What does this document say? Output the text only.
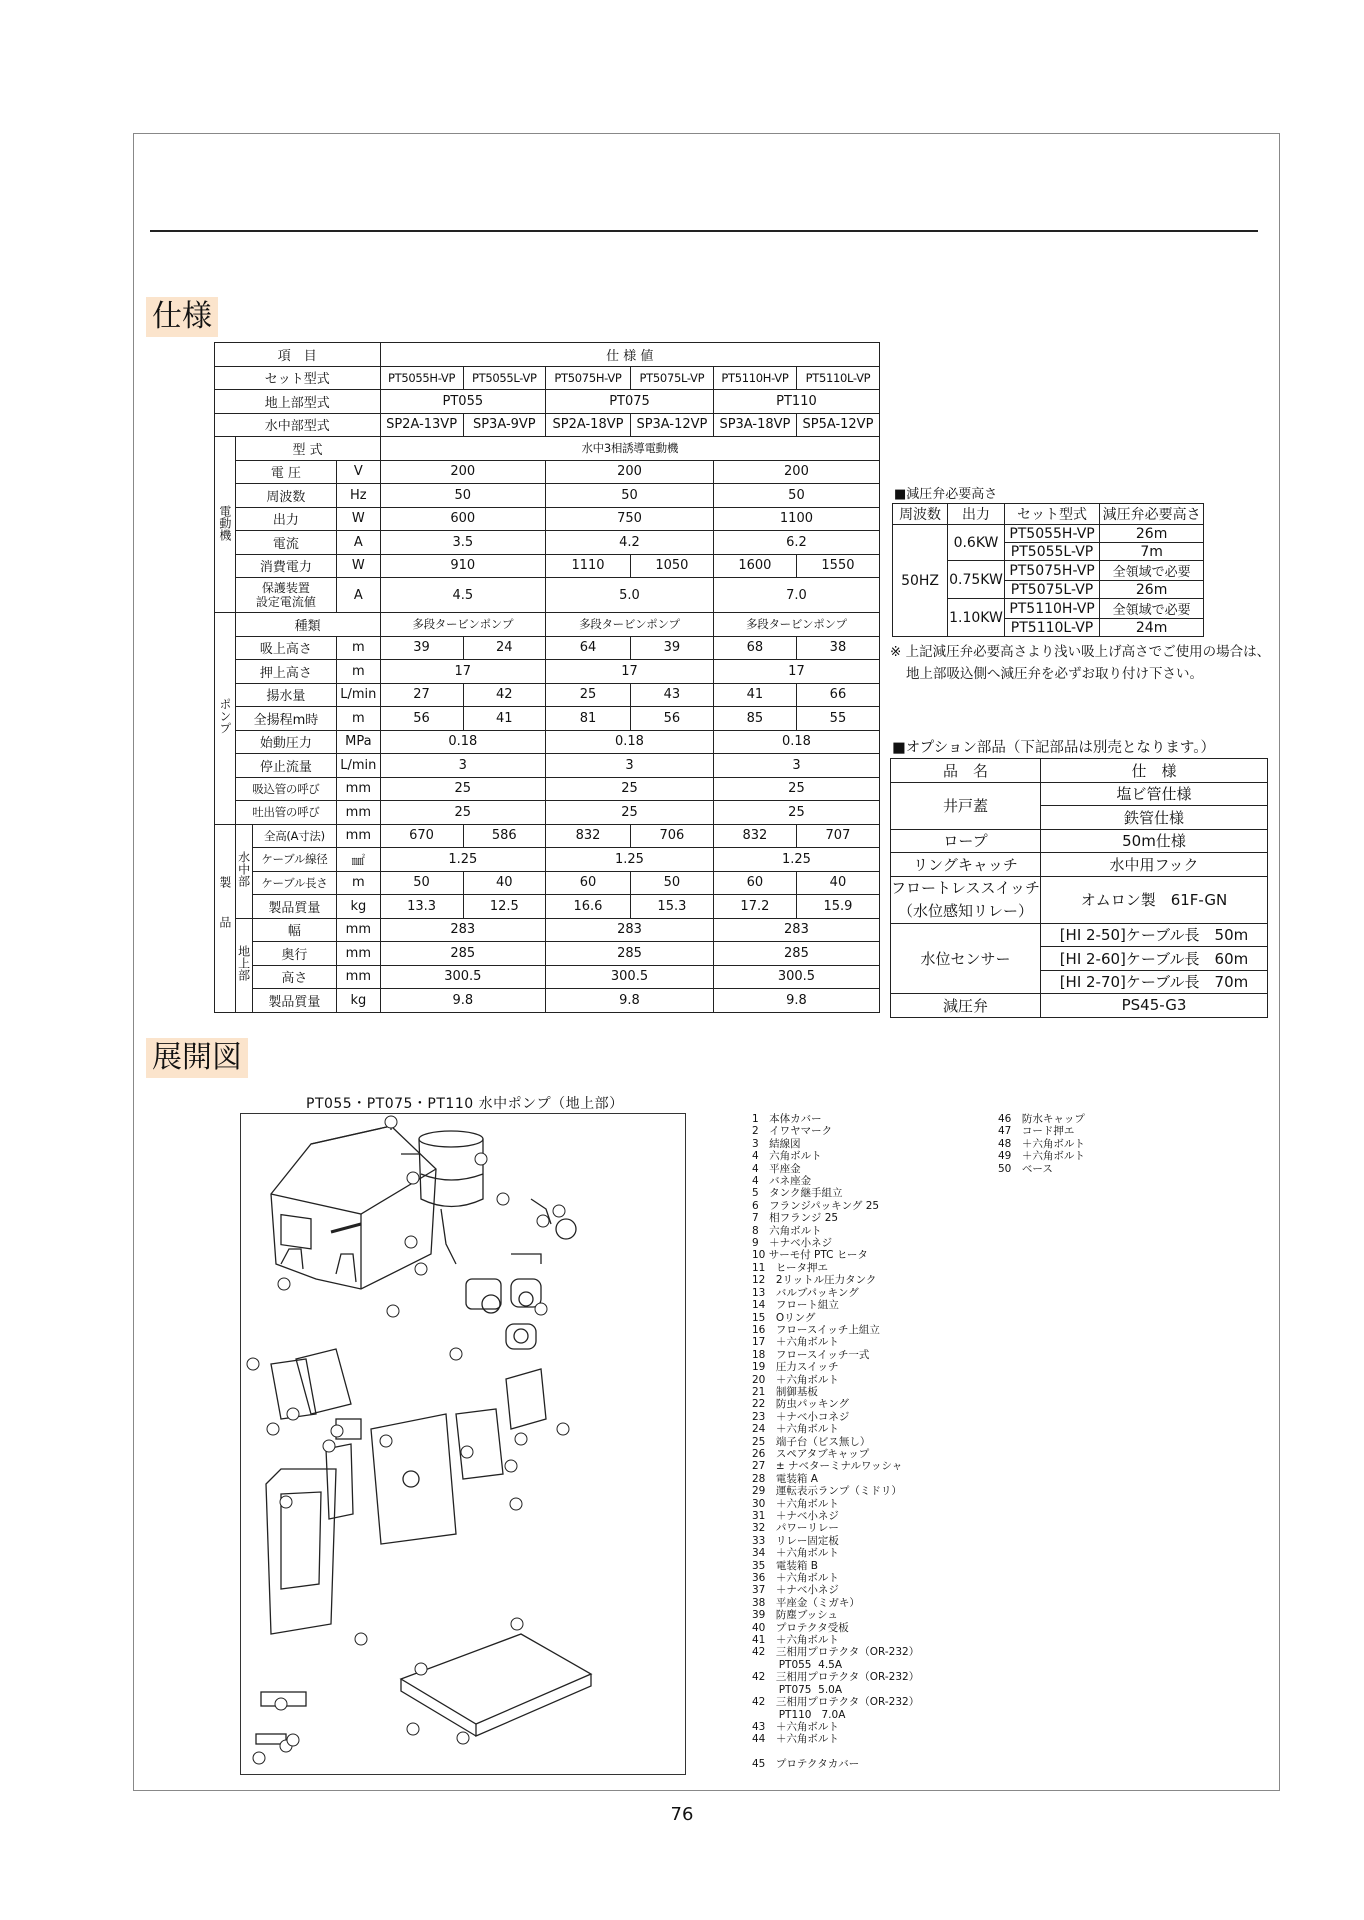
仕様
項　目				仕 様 値					
セット型式				PT5055H-VP	PT5055L-VP	PT5075H-VP	PT5075L-VP	PT5110H-VP	PT5110L-VP
地上部型式				PT055		PT075		PT110	
水中部型式				SP2A-13VP	SP3A-9VP	SP2A-18VP	SP3A-12VP	SP3A-18VP	SP5A-12VP
電動機	型 式			水中3相誘導電動機					
	電 圧		V	200		200		200	
	周波数		Hz	50		50		50	
	出力		W	600		750		1100	
	電流		A	3.5		4.2		6.2	
	消費電力		W	910		1110	1050	1600	1550
	保護装置
設定電流値		A	4.5		5.0		7.0	
ポンプ	種類			多段タービンポンプ		多段タービンポンプ		多段タービンポンプ	
	吸上高さ		m	39	24	64	39	68	38
	押上高さ		m	17		17		17	
	揚水量		L/min	27	42	25	43	41	66
	全揚程m時		m	56	41	81	56	85	55
	始動圧力		MPa	0.18		0.18		0.18	
	停止流量		L/min	3		3		3	
	吸込管の呼び		mm	25		25		25	
	吐出管の呼び		mm	25		25		25	
製品	水中部	全高(A寸法)	mm	670	586	832	706	832	707
		ケーブル線径	㎟	1.25		1.25		1.25	
		ケーブル長さ	m	50	40	60	50	60	40
		製品質量	kg	13.3	12.5	16.6	15.3	17.2	15.9
	地上部	幅	mm	283		283		283	
		奥行	mm	285		285		285	
		高さ	mm	300.5		300.5		300.5	
		製品質量	kg	9.8		9.8		9.8	
■減圧弁必要高さ
周波数	出力	セット型式	減圧弁必要高さ
50HZ	0.6KW	PT5055H-VP	26m
		PT5055L-VP	7m
	0.75KW	PT5075H-VP	全領域で必要
		PT5075L-VP	26m
	1.10KW	PT5110H-VP	全領域で必要
		PT5110L-VP	24m
※ 上記減圧弁必要高さより浅い吸上げ高さでご使用の場合は、
地上部吸込側へ減圧弁を必ずお取り付け下さい。
■オプション部品（下記部品は別売となります。）
品　名	仕　様
井戸蓋	塩ビ管仕様
	鉄管仕様
ロープ	50m仕様
リングキャッチ	水中用フック
フロートレススイッチ
（水位感知リレー）	オムロン製　61F-GN
水位センサー	[HI 2-50]ケーブル長　50m
	[HI 2-60]ケーブル長　60m
	[HI 2-70]ケーブル長　70m
減圧弁	PS45-G3
展開図
PT055・PT075・PT110 水中ポンプ（地上部）
1　本体カバー
2　イワヤマーク
3　結線図
4　六角ボルト
4　平座金
4　バネ座金
5　タンク継手組立
6　フランジパッキング 25
7　相フランジ 25
8　六角ボルト
9　＋ナベ小ネジ
10 サーモ付 PTC ヒータ
11　ヒータ押エ
12　2リットル圧力タンク
13　バルブパッキング
14　フロート組立
15　Oリング
16　フロースイッチ上組立
17　＋六角ボルト
18　フロースイッチ一式
19　圧力スイッチ
20　＋六角ボルト
21　制御基板
22　防虫パッキング
23　＋ナベ小コネジ
24　＋六角ボルト
25　端子台（ビス無し）
26　スペアタブキャップ
27　± ナベターミナルワッシャ
28　電装箱 A
29　運転表示ランプ（ミドリ）
30　＋六角ボルト
31　＋ナベ小ネジ
32　パワーリレー
33　リレー固定板
34　＋六角ボルト
35　電装箱 B
36　＋六角ボルト
37　＋ナベ小ネジ
38　平座金（ミガキ）
39　防塵ブッシュ
40　プロテクタ受板
41　＋六角ボルト
42　三相用プロテクタ（OR-232）
PT055  4.5A
42　三相用プロテクタ（OR-232）
PT075  5.0A
42　三相用プロテクタ（OR-232）
PT110   7.0A
43　＋六角ボルト
44　＋六角ボルト

45　プロテクタカバー
46　防水キャップ
47　コード押エ
48　＋六角ボルト
49　＋六角ボルト
50　ベース
76
